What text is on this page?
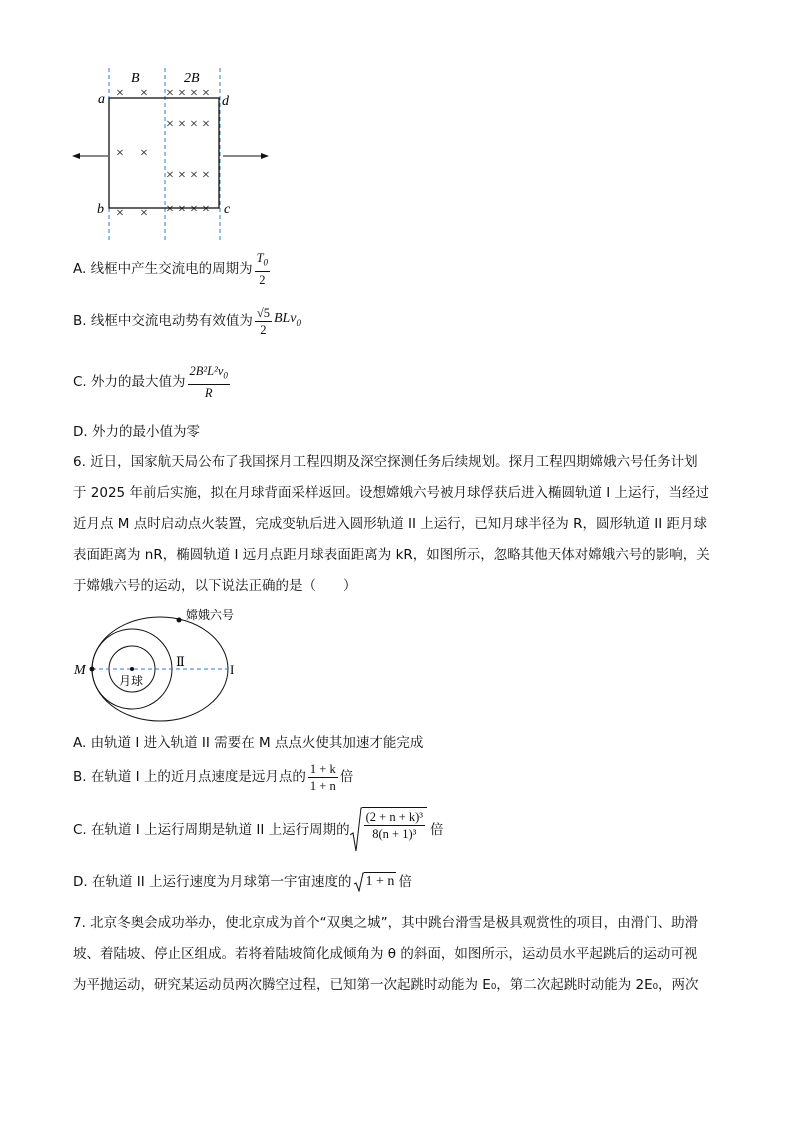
B	2B
a	d
b	c
× ×
× ×
× ×
× × × ×
× × × ×
× × × ×
× × × ×
A. 线框中产生交流电的周期为 $\frac{T_0}{2}$
B. 线框中交流电动势有效值为 $\frac{√5}{2} BLv_0$
C. 外力的最大值为 $\frac{2B^2L^2v_0}{R}$
D. 外力的最小值为零
6. 近日，国家航天局公布了我国探月工程四期及深空探测任务后续规划。探月工程四期嫦娥六号任务计划
于 2025 年前后实施，拟在月球背面采样返回。设想嫦娥六号被月球俘获后进入椭圆轨道 I 上运行，当经过
近月点 M 点时启动点火装置，完成变轨后进入圆形轨道 II 上运行，已知月球半径为 R，圆形轨道 II 距月球
表面距离为 nR，椭圆轨道 I 远月点距月球表面距离为 kR，如图所示，忽略其他天体对嫦娥六号的影响，关
于嫦娥六号的运动，以下说法正确的是（　　）
嫦娥六号
月球
M
Ⅱ
I
A. 由轨道 I 进入轨道 II 需要在 M 点点火使其加速才能完成
B. 在轨道 I 上的近月点速度是远月点的 $\frac{1 + k}{1 + n}$ 倍
C. 在轨道 I 上运行周期是轨道 II 上运行周期的 $\frac{\text{(2 + n + k)³}}{\text{8(n + 1)³}}$ 倍
D. 在轨道 II 上运行速度为月球第一宇宙速度的 1 + n 倍
7. 北京冬奥会成功举办，使北京成为首个“双奥之城”，其中跳台滑雪是极具观赏性的项目，由滑门、助滑
坡、着陆坡、停止区组成。若将着陆坡简化成倾角为 θ 的斜面，如图所示，运动员水平起跳后的运动可视
为平抛运动，研究某运动员两次腾空过程，已知第一次起跳时动能为 E₀，第二次起跳时动能为 2E₀，两次
